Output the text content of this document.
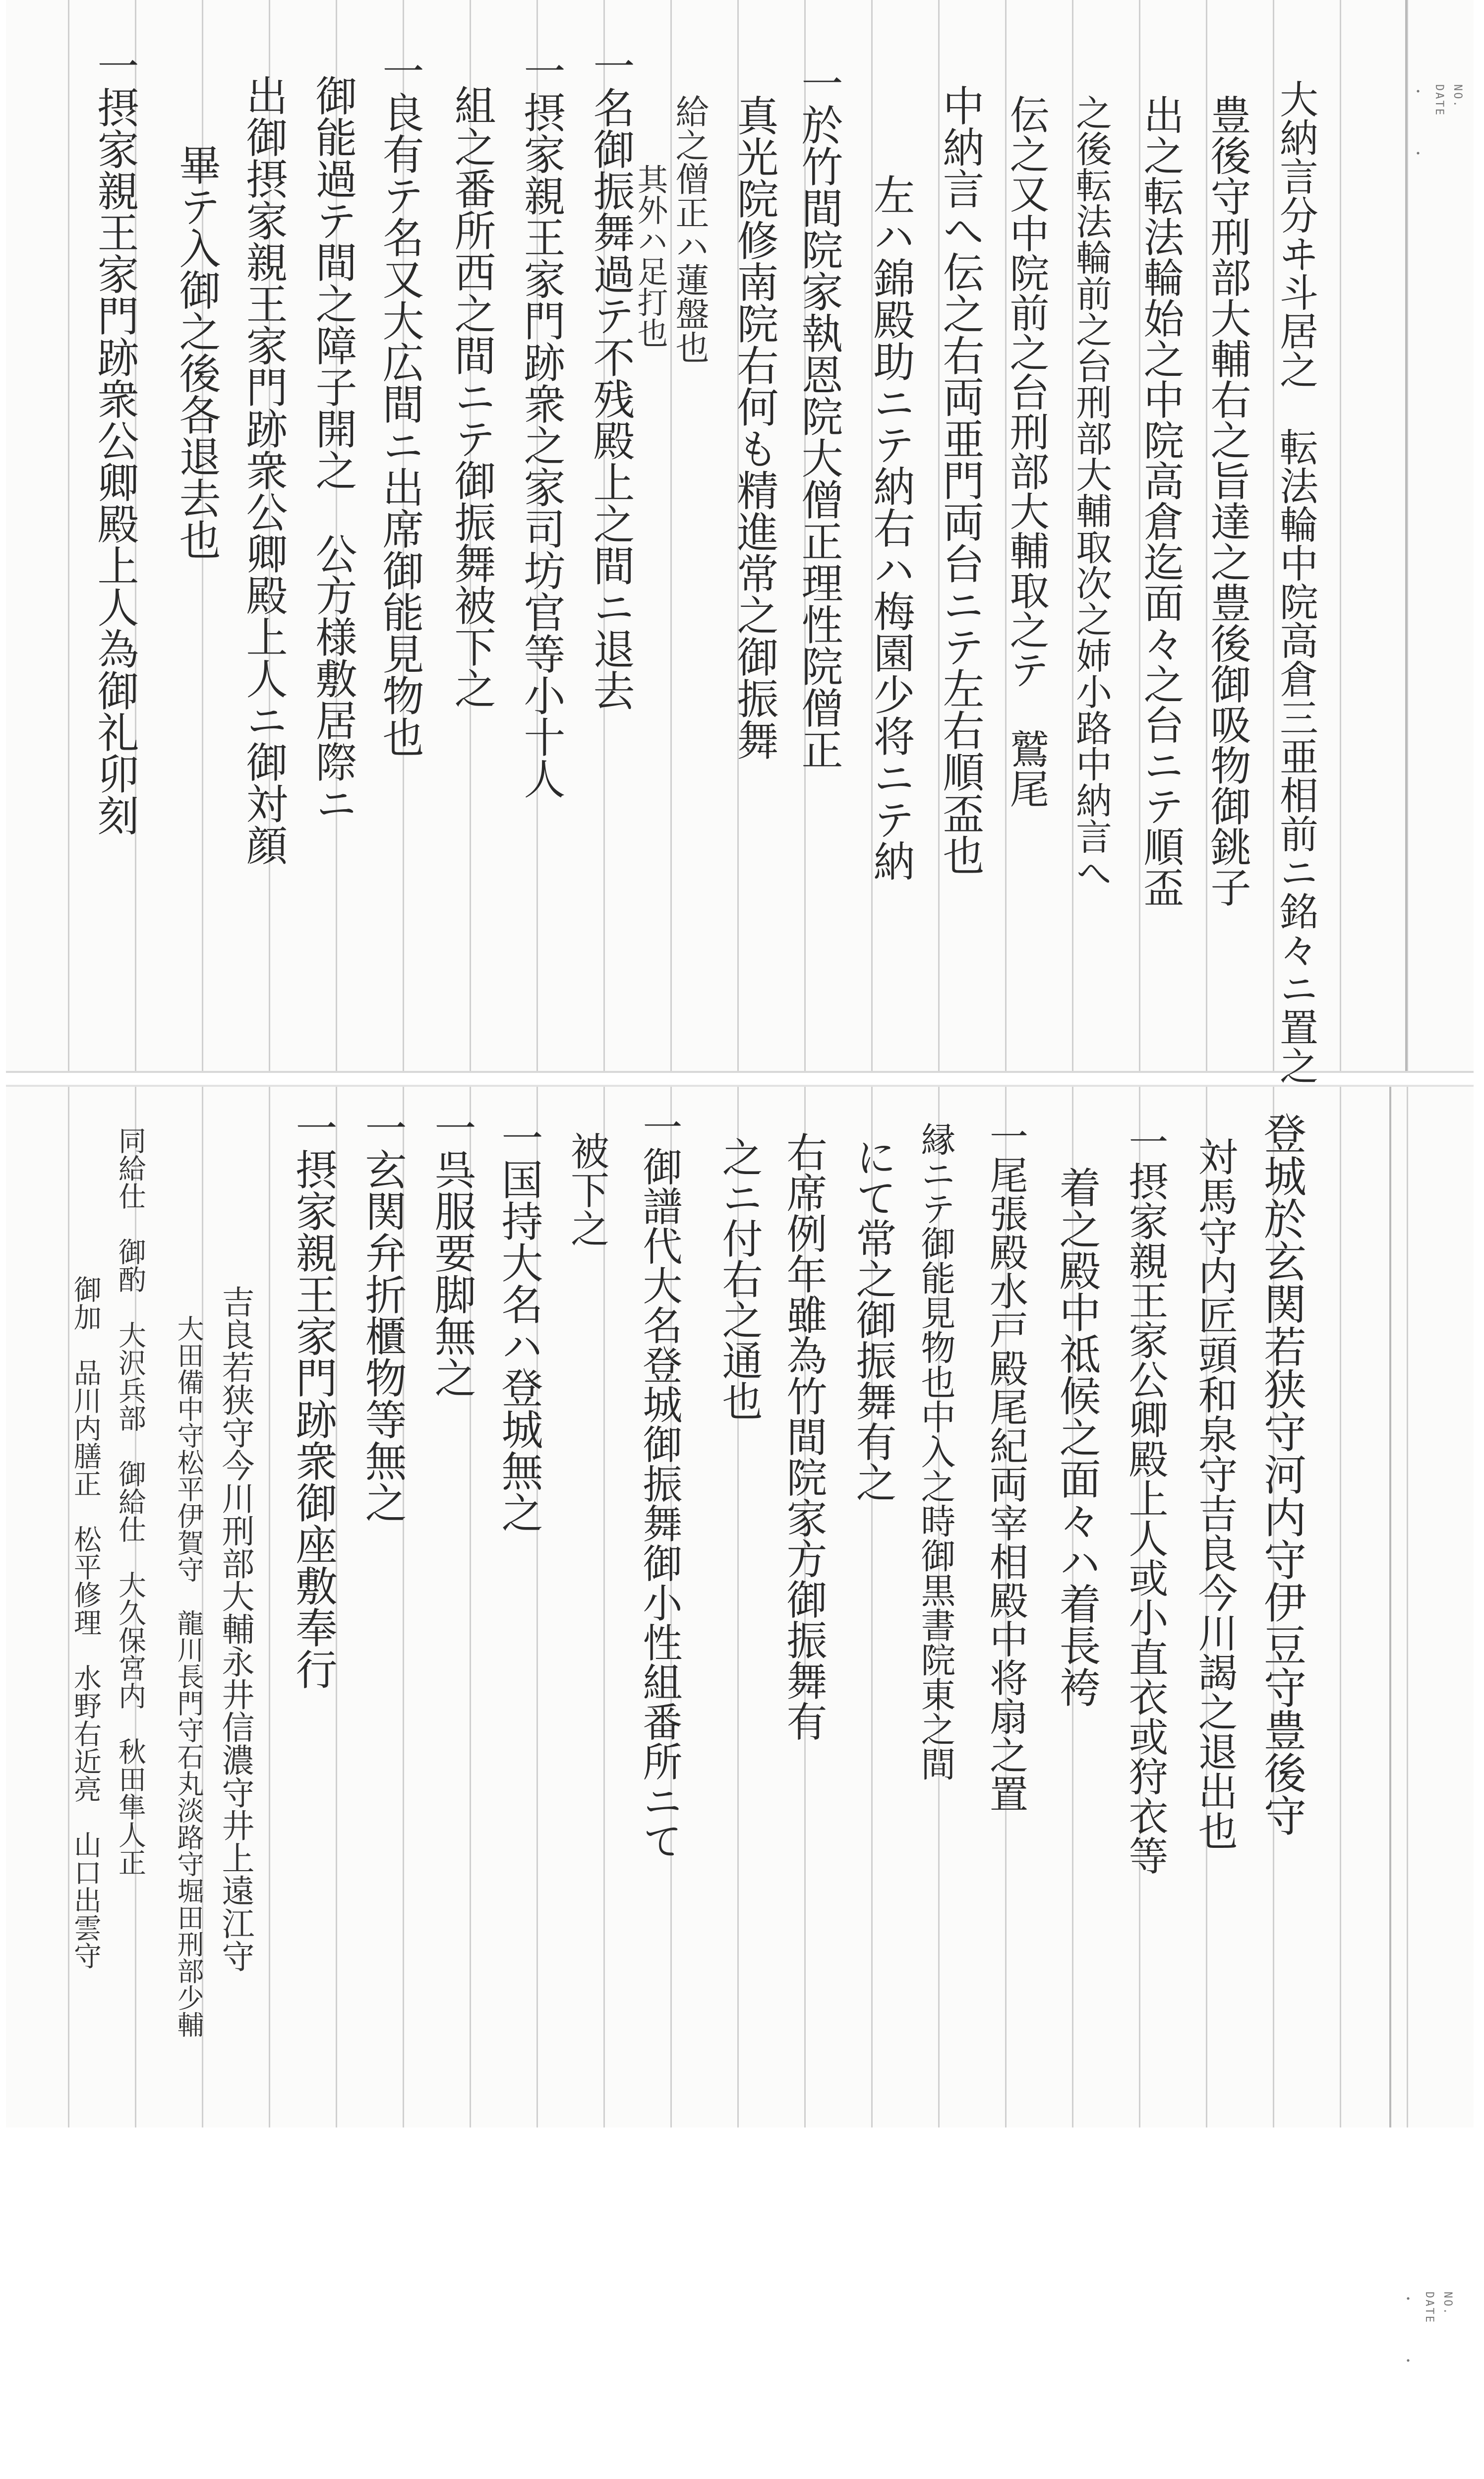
NO.
DATE
・ ・
大納言分ヰ斗居之　転法輪中院高倉三亜相前ニ銘々ニ置之
豊後守刑部大輔右之旨達之豊後御吸物御銚子
出之転法輪始之中院高倉迄面々之台ニテ順盃
之後転法輪前之台刑部大輔取次之姉小路中納言へ
伝之又中院前之台刑部大輔取之テ　鷲尾
中納言へ伝之右両亜門両台ニテ左右順盃也
左ハ錦殿助ニテ納右ハ梅園少将ニテ納
一於竹間院家執恩院大僧正理性院僧正
真光院修南院右何も精進常之御振舞
給之僧正ハ蓮盤也
其外ハ足打也
一名御振舞過テ不残殿上之間ニ退去
一摂家親王家門跡衆之家司坊官等小十人
組之番所西之間ニテ御振舞被下之
一良有テ名又大広間ニ出席御能見物也
御能過テ間之障子開之　公方様敷居際ニ
出御摂家親王家門跡衆公卿殿上人ニ御対顔
畢テ入御之後各退去也
一摂家親王家門跡衆公卿殿上人為御礼卯刻
NO.
DATE
・ ・
登城於玄関若狭守河内守伊豆守豊後守
対馬守内匠頭和泉守吉良今川謁之退出也
一摂家親王家公卿殿上人或小直衣或狩衣等
着之殿中祗候之面々ハ着長袴
一尾張殿水戸殿尾紀両宰相殿中将扇之置
縁ニテ御能見物也中入之時御黒書院東之間
にて常之御振舞有之
右席例年雖為竹間院家方御振舞有
之ニ付右之通也
一御譜代大名登城御振舞御小性組番所ニて
被下之
一国持大名ハ登城無之
一呉服要脚無之
一玄関弁折櫃物等無之
一摂家親王家門跡衆御座敷奉行
吉良若狭守今川刑部大輔永井信濃守井上遠江守
大田備中守松平伊賀守　龍川長門守石丸淡路守堀田刑部少輔
同給仕　御酌　大沢兵部　御給仕　大久保宮内　秋田隼人正
御加　品川内膳正　松平修理　水野右近亮　山口出雲守
